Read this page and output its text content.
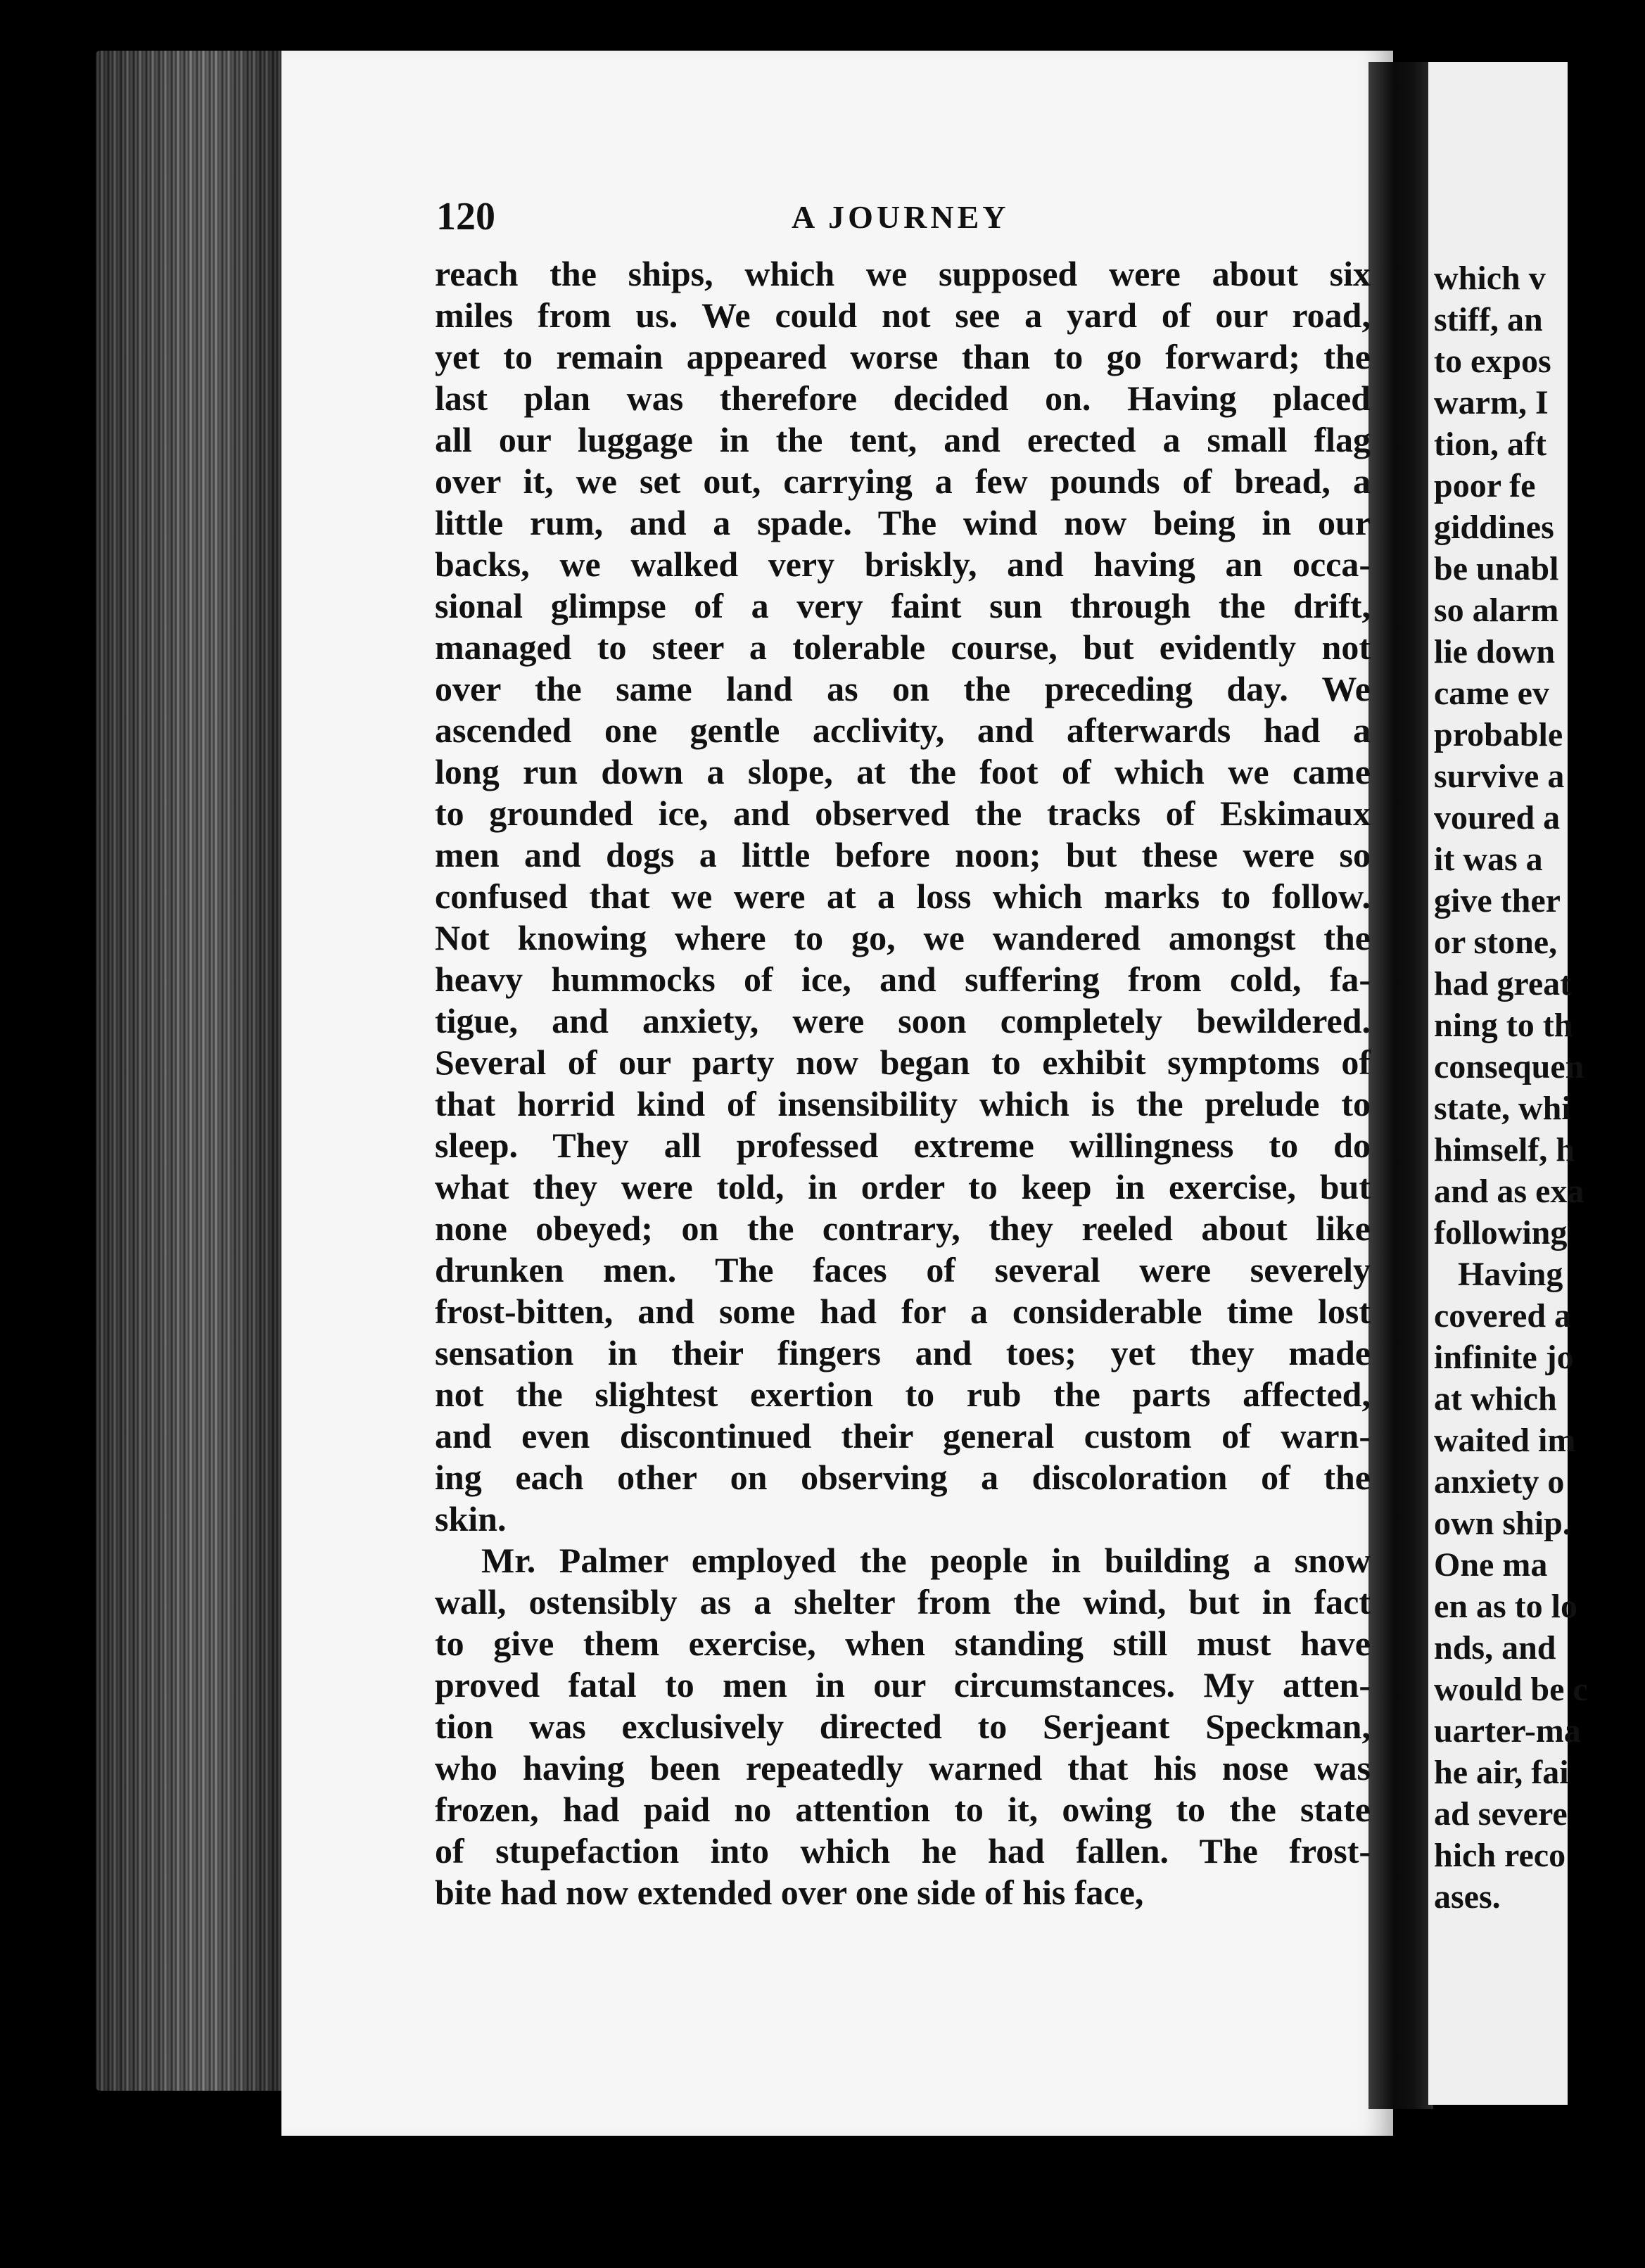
which v
stiff, an
to expos
warm, I
tion, aft
poor fe
giddines
be unabl
so alarm
lie down
came ev
probable
survive a
voured a
it was a
give ther
or stone,
had great
ning to th
consequen
state, whi
himself, h
and as exa
following
Having
covered a
infinite jo
at which
waited im
anxiety o
own ship.
One ma
en as to lo
nds, and
would be c
uarter-ma
he air, fai
ad severe
hich reco
ases.
120	A JOURNEY
reach the ships, which we supposed were about six
miles from us. We could not see a yard of our road,
yet to remain appeared worse than to go forward; the
last plan was therefore decided on. Having placed
all our luggage in the tent, and erected a small flag
over it, we set out, carrying a few pounds of bread, a
little rum, and a spade. The wind now being in our
backs, we walked very briskly, and having an occa-
sional glimpse of a very faint sun through the drift,
managed to steer a tolerable course, but evidently not
over the same land as on the preceding day. We
ascended one gentle acclivity, and afterwards had a
long run down a slope, at the foot of which we came
to grounded ice, and observed the tracks of Eskimaux
men and dogs a little before noon; but these were so
confused that we were at a loss which marks to follow.
Not knowing where to go, we wandered amongst the
heavy hummocks of ice, and suffering from cold, fa-
tigue, and anxiety, were soon completely bewildered.
Several of our party now began to exhibit symptoms of
that horrid kind of insensibility which is the prelude to
sleep. They all professed extreme willingness to do
what they were told, in order to keep in exercise, but
none obeyed; on the contrary, they reeled about like
drunken men. The faces of several were severely
frost-bitten, and some had for a considerable time lost
sensation in their fingers and toes; yet they made
not the slightest exertion to rub the parts affected,
and even discontinued their general custom of warn-
ing each other on observing a discoloration of the
skin.
Mr. Palmer employed the people in building a snow
wall, ostensibly as a shelter from the wind, but in fact
to give them exercise, when standing still must have
proved fatal to men in our circumstances. My atten-
tion was exclusively directed to Serjeant Speckman,
who having been repeatedly warned that his nose was
frozen, had paid no attention to it, owing to the state
of stupefaction into which he had fallen. The frost-
bite had now extended over one side of his face,
